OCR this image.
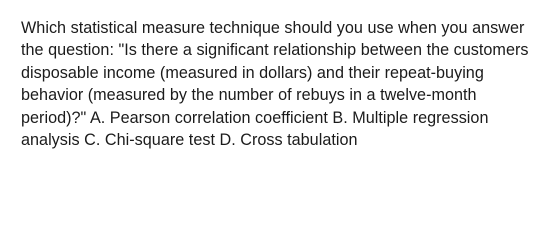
Which statistical measure technique should you use when you answer the question: "Is there a significant relationship between the customers disposable income (measured in dollars) and their repeat-buying behavior (measured by the number of rebuys in a twelve-month period)?" A. Pearson correlation coefficient B. Multiple regression analysis C. Chi-square test D. Cross tabulation
